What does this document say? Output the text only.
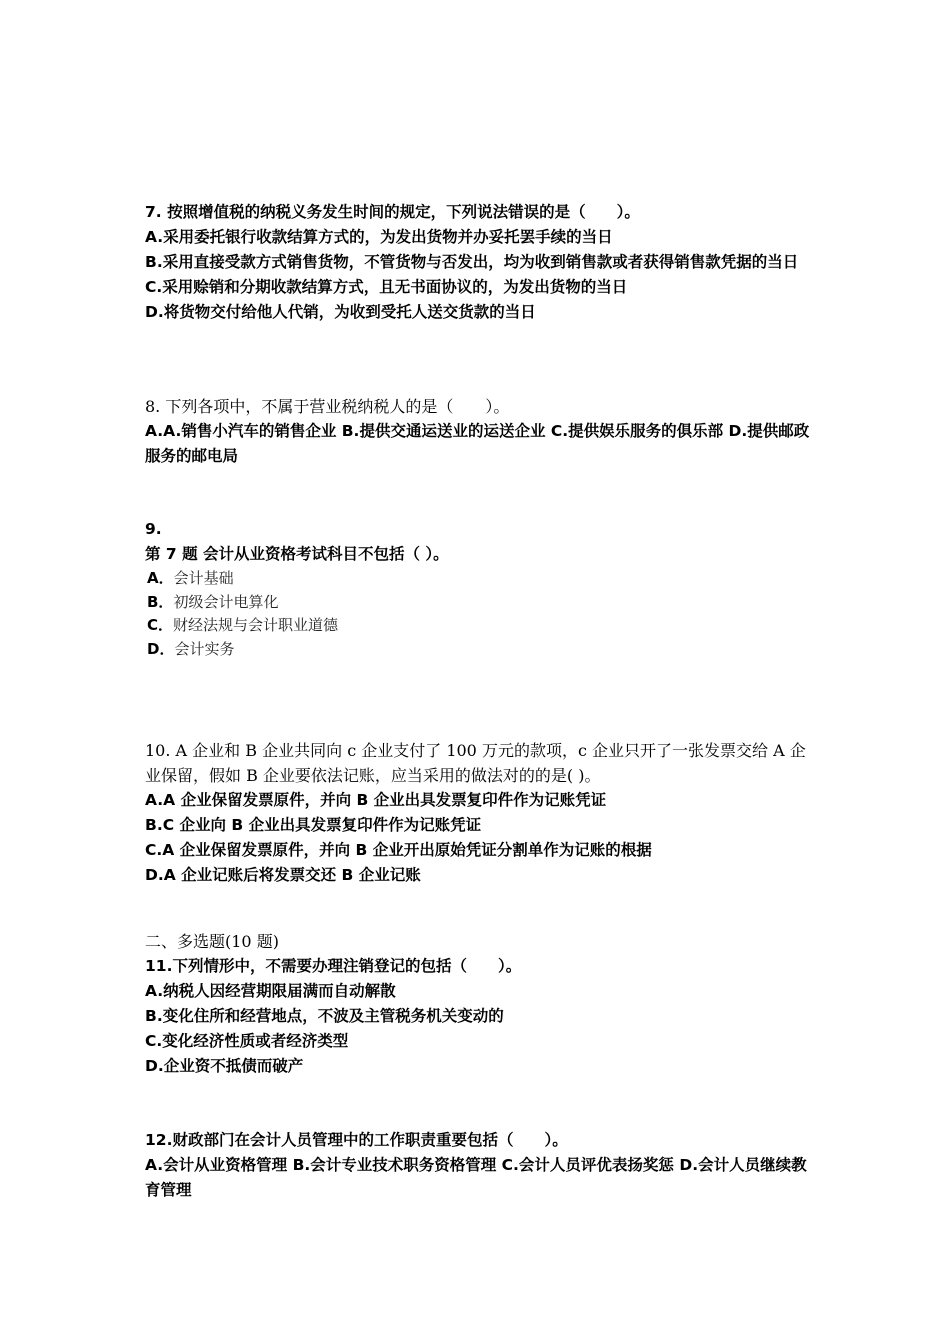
7. 按照增值税的纳税义务发生时间的规定，下列说法错误的是（　　）。
A.采用委托银行收款结算方式的，为发出货物并办妥托罢手续的当日
B.采用直接受款方式销售货物，不管货物与否发出，均为收到销售款或者获得销售款凭据的当日
C.采用赊销和分期收款结算方式，且无书面协议的，为发出货物的当日
D.将货物交付给他人代销，为收到受托人送交货款的当日
8. 下列各项中，不属于营业税纳税人的是（　　）。
A.A.销售小汽车的销售企业 B.提供交通运送业的运送企业 C.提供娱乐服务的俱乐部 D.提供邮政服务的邮电局
9.
第 7 题 会计从业资格考试科目不包括（ ）。
A．会计基础
B．初级会计电算化
C．财经法规与会计职业道德
D．会计实务
10. A 企业和 B 企业共同向 c 企业支付了 100 万元的款项，c 企业只开了一张发票交给 A 企业保留，假如 B 企业要依法记账，应当采用的做法对的的是( )。
A.A 企业保留发票原件，并向 B 企业出具发票复印件作为记账凭证
B.C 企业向 B 企业出具发票复印件作为记账凭证
C.A 企业保留发票原件，并向 B 企业开出原始凭证分割单作为记账的根据
D.A 企业记账后将发票交还 B 企业记账
二、多选题(10 题)
11.下列情形中，不需要办理注销登记的包括（　　）。
A.纳税人因经营期限届满而自动解散
B.变化住所和经营地点，不波及主管税务机关变动的
C.变化经济性质或者经济类型
D.企业资不抵债而破产
12.财政部门在会计人员管理中的工作职责重要包括（　　）。
A.会计从业资格管理 B.会计专业技术职务资格管理 C.会计人员评优表扬奖惩 D.会计人员继续教育管理
